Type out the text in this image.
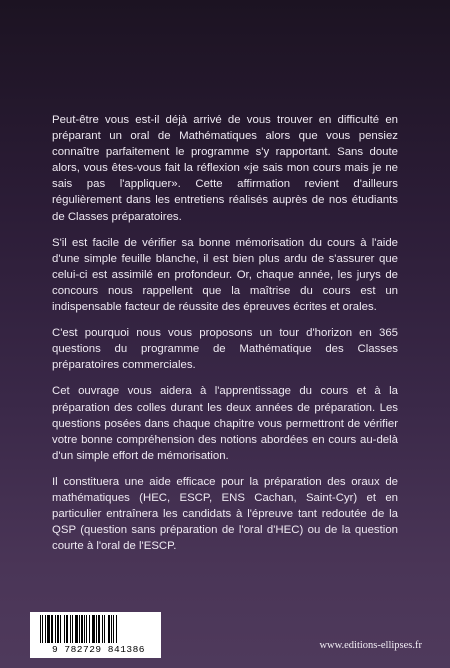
Peut-être vous est-il déjà arrivé de vous trouver en difficulté en préparant un oral de Mathématiques alors que vous pensiez connaître parfaitement le programme s'y rapportant. Sans doute alors, vous êtes-vous fait la réflexion «je sais mon cours mais je ne sais pas l'appliquer». Cette affirmation revient d'ailleurs régulièrement dans les entretiens réalisés auprès de nos étudiants de Classes préparatoires.

S'il est facile de vérifier sa bonne mémorisation du cours à l'aide d'une simple feuille blanche, il est bien plus ardu de s'assurer que celui-ci est assimilé en profondeur. Or, chaque année, les jurys de concours nous rappellent que la maîtrise du cours est un indispensable facteur de réussite des épreuves écrites et orales.

C'est pourquoi nous vous proposons un tour d'horizon en 365 questions du programme de Mathématique des Classes préparatoires commerciales.

Cet ouvrage vous aidera à l'apprentissage du cours et à la préparation des colles durant les deux années de préparation. Les questions posées dans chaque chapitre vous permettront de vérifier votre bonne compréhension des notions abordées en cours au-delà d'un simple effort de mémorisation.

Il constituera une aide efficace pour la préparation des oraux de mathématiques (HEC, ESCP, ENS Cachan, Saint-Cyr) et en particulier entraînera les candidats à l'épreuve tant redoutée de la QSP (question sans préparation de l'oral d'HEC) ou de la question courte à l'oral de l'ESCP.

9 782729 841386	www.editions-ellipses.fr
